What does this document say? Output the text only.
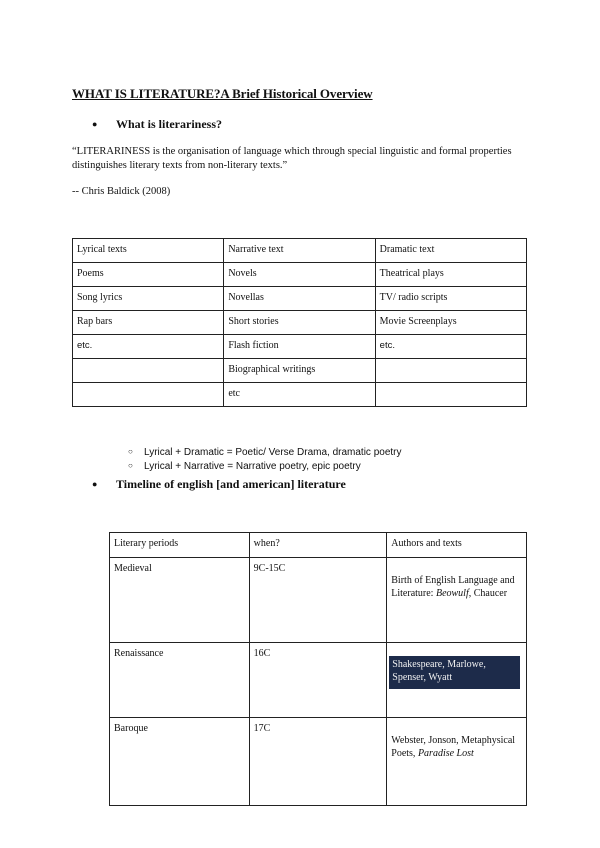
WHAT IS LITERATURE?A Brief Historical Overview
● What is literariness?
“LITERARINESS is the organisation of language which through special linguistic and formal properties distinguishes literary texts from non-literary texts.”
-- Chris Baldick (2008)
Lyrical texts	Narrative text	Dramatic text
Poems	Novels	Theatrical plays
Song lyrics	Novellas	TV/ radio scripts
Rap bars	Short stories	Movie Screenplays
etc.	Flash fiction	etc.
	Biographical writings	
	etc	
○ Lyrical + Dramatic = Poetic/ Verse Drama, dramatic poetry
○ Lyrical + Narrative = Narrative poetry, epic poetry
● Timeline of english [and american] literature
Literary periods	when?	Authors and texts
Medieval	9C-15C	Birth of English Language and Literature: Beowulf, Chaucer

Renaissance	16C	Shakespeare, Marlowe, Spenser, Wyatt

Baroque	17C	Webster, Jonson, Metaphysical Poets, Paradise Lost
